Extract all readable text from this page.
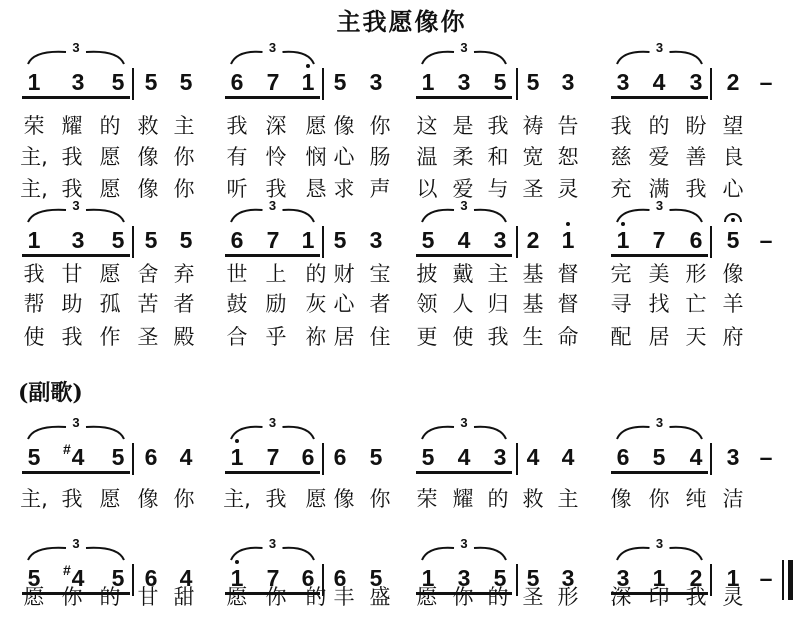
主我愿像你
(副歌)
1	3	5
3
5 5	6	7 1
3
5	3	1	3	5
3
5 3	3	4	3
3
2 –
荣 耀 的 救 主 我 深 愿 像 你 这 是 我 祷 告 我 的 盼 望
主, 我 愿 像 你 有 怜 悯 心 肠 温 柔 和 宽 恕 慈 爱 善 良
主, 我 愿 像 你 听 我 恳 求 声 以 爱 与 圣 灵 充 满 我 心
1	3	5
3
5 5	6	7 1
3
5	3	5	4	3
3
2 1	1	7	6
3
5 –
我 甘 愿 舍 弃 世 上 的 财 宝 披 戴 主 基 督 完 美 形 像
帮 助 孤 苦 者 鼓 励 灰 心 者 领 人 归 基 督 寻 找 亡 羊
使 我 作 圣 殿 合 乎 祢 居 住 更 使 我 生 命 配 居 天 府
5	# 4	5
3
6 4	1	7 6
3
6	5	5	4	3
3
4 4	6	5	4
3
3 –
主, 我 愿 像 你 主, 我 愿 像 你 荣 耀 的 救 主 像 你 纯 洁
5	# 4	5
3
6 4	1	7 6
3
6	5	1	3	5
3
5 3	3	1	2
3
1 –
愿 你 的 甘 甜 愿 你 的 丰 盛 愿 你 的 圣 形 深 印 我 灵
